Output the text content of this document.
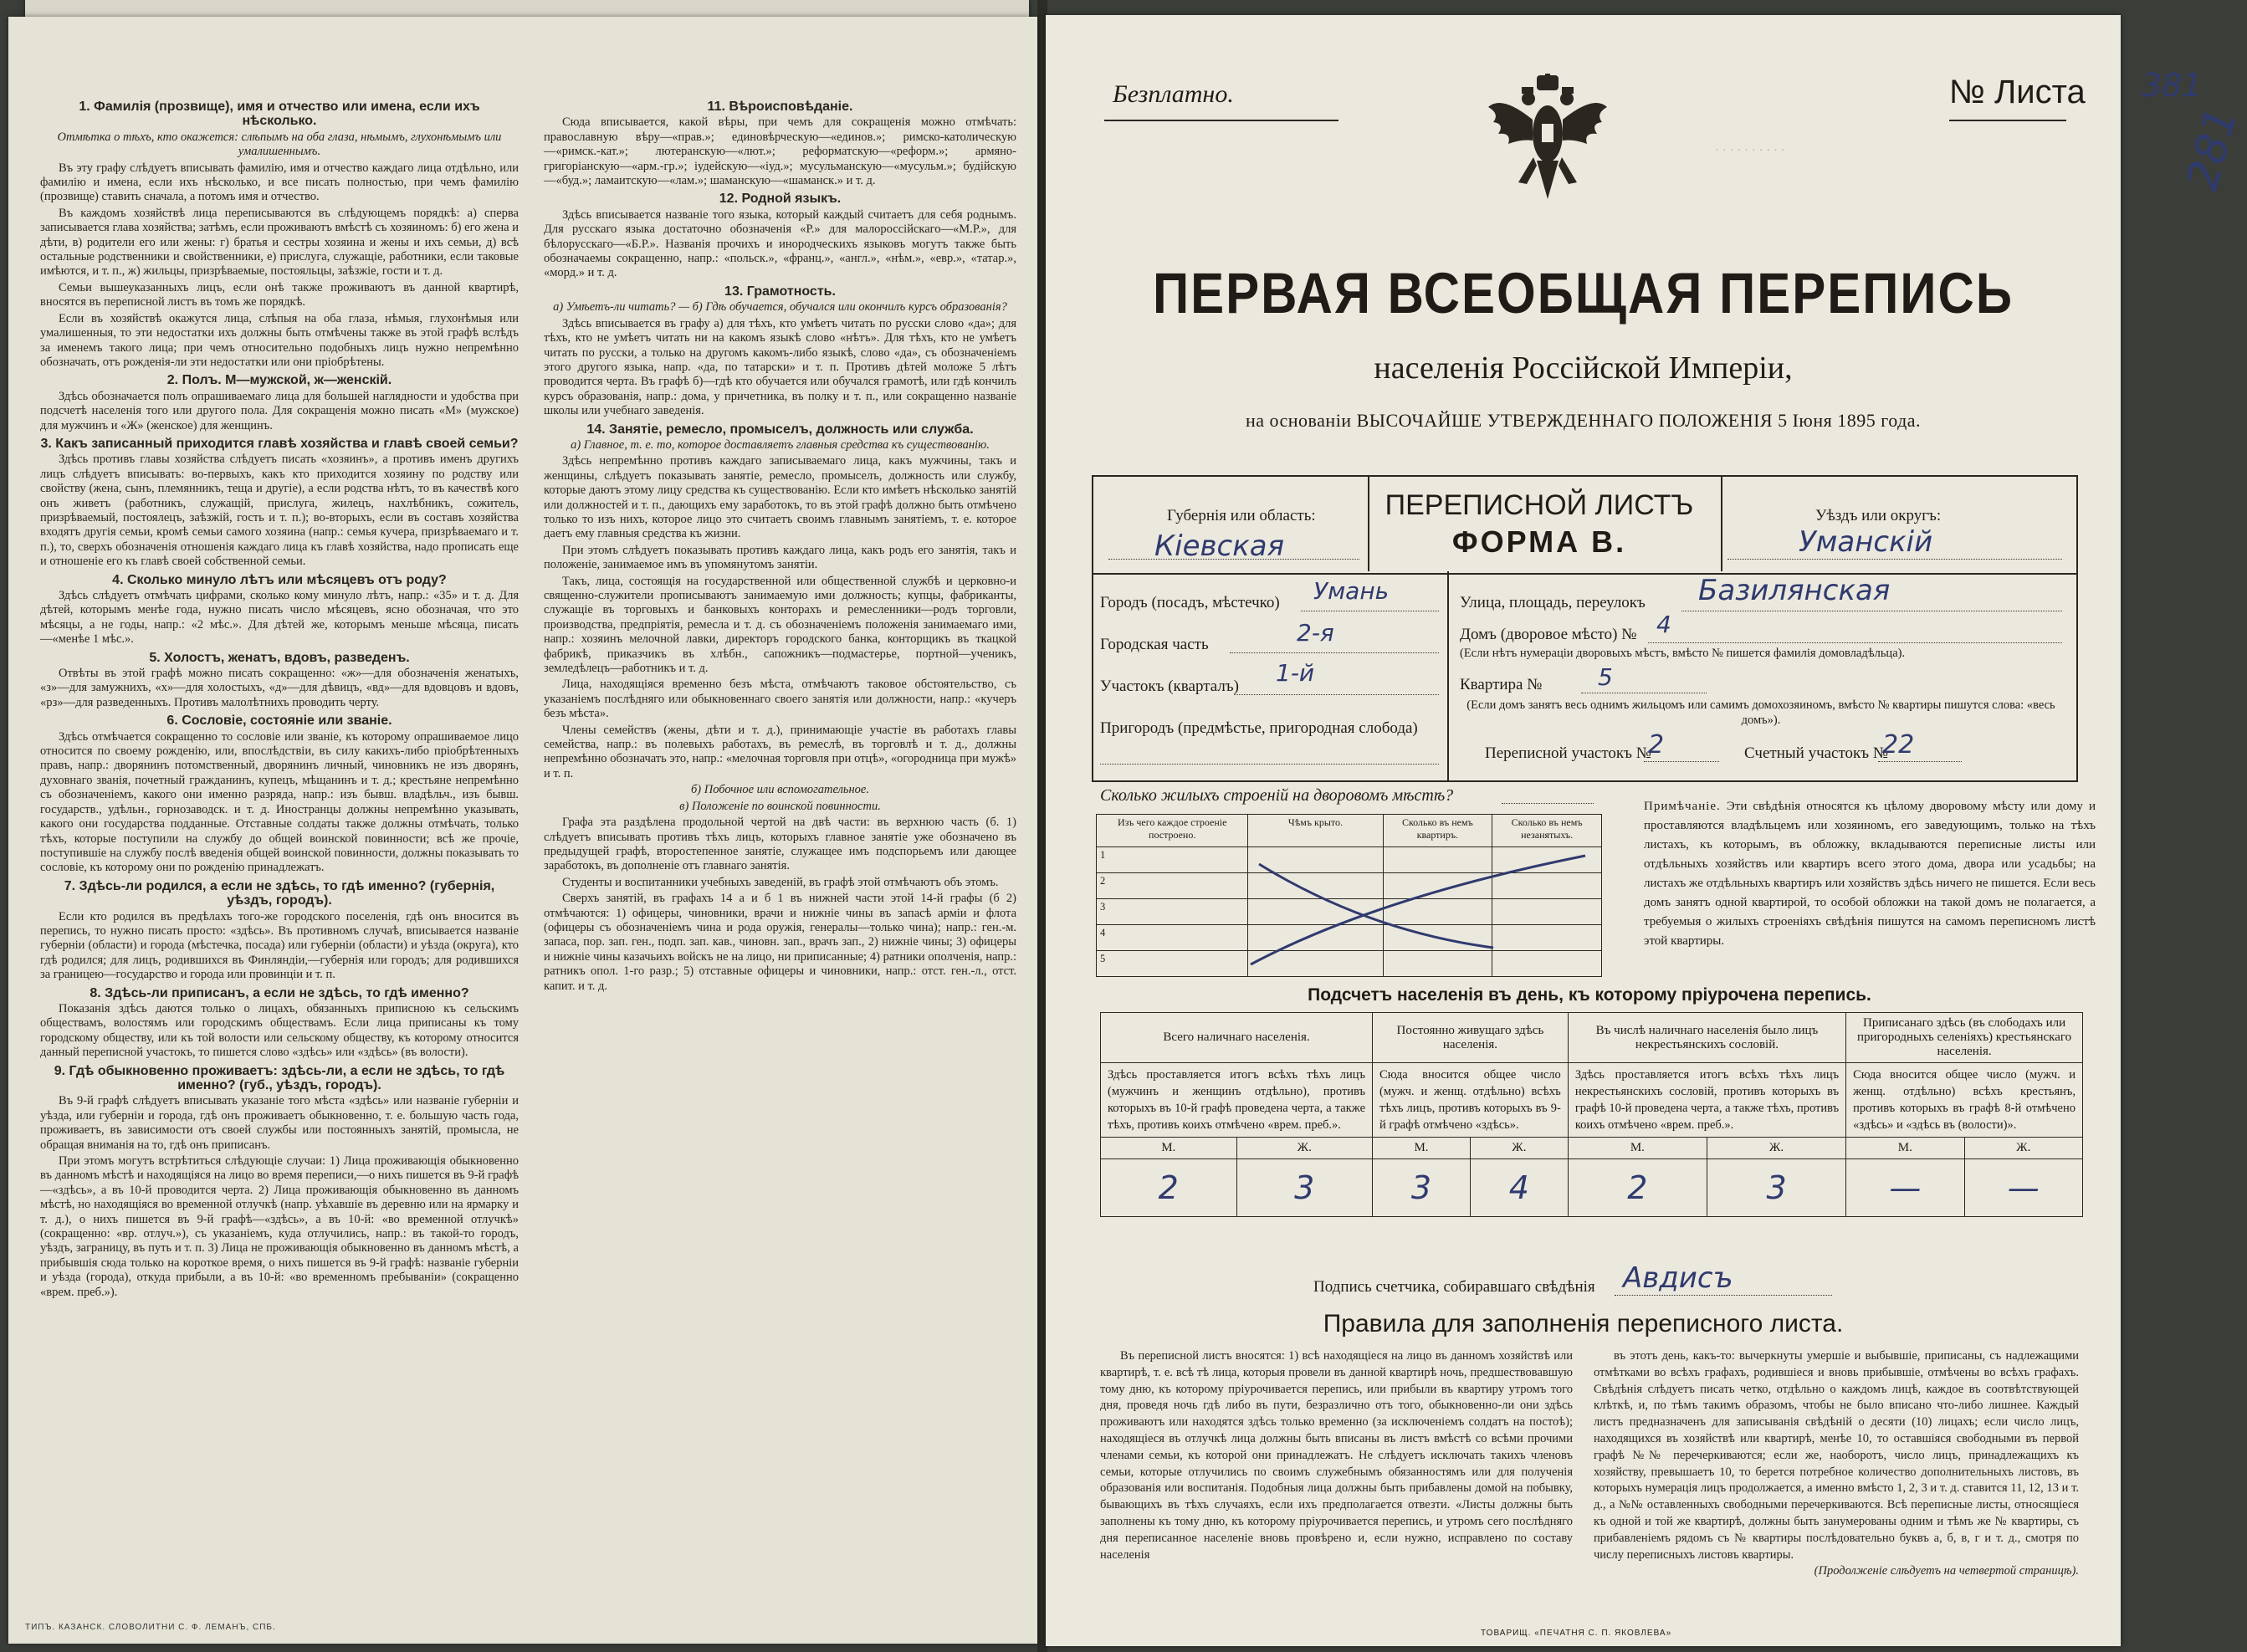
1. Фамилія (прозвище), имя и отчество или имена, если ихъ нѣсколько.
Отмѣтка о тѣхъ, кто окажется: слѣпымъ на оба глаза, нѣмымъ, глухонѣмымъ или умалишеннымъ.

Въ эту графу слѣдуетъ вписывать фамилію, имя и отчество каждаго лица отдѣльно, или фамилію и имена, если ихъ нѣсколько, и все писать полностью, при чемъ фамилію (прозвище) ставить сначала, а потомъ имя и отчество.

Въ каждомъ хозяйствѣ лица переписываются въ слѣдующемъ порядкѣ: а) сперва записывается глава хозяйства; затѣмъ, если проживаютъ вмѣстѣ съ хозяиномъ: б) его жена и дѣти, в) родители его или жены: г) братья и сестры хозяина и жены и ихъ семьи, д) всѣ остальные родственники и свойственники, е) прислуга, служащіе, работники, если таковые имѣются, и т. п., ж) жильцы, призрѣваемые, постояльцы, заѣзжіе, гости и т. д.

Семьи вышеуказанныхъ лицъ, если онѣ также проживаютъ въ данной квартирѣ, вносятся въ переписной листъ въ томъ же порядкѣ.

Если въ хозяйствѣ окажутся лица, слѣпыя на оба глаза, нѣмыя, глухонѣмыя или умалишенныя, то эти недостатки ихъ должны быть отмѣчены также въ этой графѣ вслѣдъ за именемъ такого лица; при чемъ относительно подобныхъ лицъ нужно непремѣнно обозначать, отъ рожденія-ли эти недостатки или они пріобрѣтены.

2. Полъ. М—мужской, ж—женскій.

Здѣсь обозначается полъ опрашиваемаго лица для большей наглядности и удобства при подсчетѣ населенія того или другого пола. Для сокращенія можно писать «М» (мужское) для мужчинъ и «Ж» (женское) для женщинъ.

3. Какъ записанный приходится главѣ хозяйства и главѣ своей семьи?

Здѣсь противъ главы хозяйства слѣдуетъ писать «хозяинъ», а противъ именъ другихъ лицъ слѣдуетъ вписывать: во-первыхъ, какъ кто приходится хозяину по родству или свойству (жена, сынъ, племянникъ, теща и другіе), а если родства нѣтъ, то въ качествѣ кого онъ живетъ (работникъ, служащій, прислуга, жилецъ, нахлѣбникъ, сожитель, призрѣваемый, постоялецъ, заѣзжій, гость и т. п.); во-вторыхъ, если въ составъ хозяйства входятъ другія семьи, кромѣ семьи самого хозяина (напр.: семья кучера, призрѣваемаго и т. п.), то, сверхъ обозначенія отношенія каждаго лица къ главѣ хозяйства, надо прописать еще и отношеніе его къ главѣ своей собственной семьи.

4. Сколько минуло лѣтъ или мѣсяцевъ отъ роду?

Здѣсь слѣдуетъ отмѣчать цифрами, сколько кому минуло лѣтъ, напр.: «35» и т. д. Для дѣтей, которымъ менѣе года, нужно писать число мѣсяцевъ, ясно обозначая, что это мѣсяцы, а не годы, напр.: «2 мѣс.». Для дѣтей же, которымъ меньше мѣсяца, писать—«менѣе 1 мѣс.».

5. Холостъ, женатъ, вдовъ, разведенъ.

Отвѣты въ этой графѣ можно писать сокращенно: «ж»—для обозначенія женатыхъ, «з»—для замужнихъ, «х»—для холостыхъ, «д»—для дѣвицъ, «вд»—для вдовцовъ и вдовъ, «рз»—для разведенныхъ. Противъ малолѣтнихъ проводить черту.

6. Сословіе, состояніе или званіе.

Здѣсь отмѣчается сокращенно то сословіе или званіе, къ которому опрашиваемое лицо относится по своему рожденію, или, впослѣдствіи, въ силу какихъ-либо пріобрѣтенныхъ правъ, напр.: дворянинъ потомственный, дворянинъ личный, чиновникъ не изъ дворянъ, духовнаго званія, почетный гражданинъ, купецъ, мѣщанинъ и т. д.; крестьяне непремѣнно съ обозначеніемъ, какого они именно разряда, напр.: изъ бывш. владѣльч., изъ бывш. государств., удѣльн., горнозаводск. и т. д. Иностранцы должны непремѣнно указывать, какого они государства подданные. Отставные солдаты также должны отмѣчать, только тѣхъ, которые поступили на службу до общей воинской повинности; всѣ же прочіе, поступившіе на службу послѣ введенія общей воинской повинности, должны показывать то сословіе, къ которому они по рожденію принадлежатъ.

7. Здѣсь-ли родился, а если не здѣсь, то гдѣ именно? (губернія, уѣздъ, городъ).

Если кто родился въ предѣлахъ того-же городского поселенія, гдѣ онъ вносится въ перепись, то нужно писать просто: «здѣсь». Въ противномъ случаѣ, вписывается названіе губерніи (области) и города (мѣстечка, посада) или губерніи (области) и уѣзда (округа), кто гдѣ родился; для лицъ, родившихся въ Финляндіи,—губернія или городъ; для родившихся за границею—государство и города или провинціи и т. п.

8. Здѣсь-ли приписанъ, а если не здѣсь, то гдѣ именно?

Показанія здѣсь даются только о лицахъ, обязанныхъ приписною къ сельскимъ обществамъ, волостямъ или городскимъ обществамъ. Если лица приписаны къ тому городскому обществу, или къ той волости или сельскому обществу, къ которому относится данный переписной участокъ, то пишется слово «здѣсь» или «здѣсь» (въ волости).

9. Гдѣ обыкновенно проживаетъ: здѣсь-ли, а если не здѣсь, то гдѣ именно? (губ., уѣздъ, городъ).

Въ 9-й графѣ слѣдуетъ вписывать указаніе того мѣста «здѣсь» или названіе губерніи и уѣзда, или губерніи и города, гдѣ онъ проживаетъ обыкновенно, т. е. большую часть года, проживаетъ, въ зависимости отъ своей службы или постоянныхъ занятій, промысла, не обращая вниманія на то, гдѣ онъ приписанъ.

При этомъ могутъ встрѣтиться слѣдующіе случаи: 1) Лица проживающія обыкновенно въ данномъ мѣстѣ и находящіяся на лицо во время переписи,—о нихъ пишется въ 9-й графѣ—«здѣсь», а въ 10-й проводится черта. 2) Лица проживающія обыкновенно въ данномъ мѣстѣ, но находящіяся во временной отлучкѣ (напр. уѣхавшіе въ деревню или на ярмарку и т. д.), о нихъ пишется въ 9-й графѣ—«здѣсь», а въ 10-й: «во временной отлучкѣ» (сокращенно: «вр. отлуч.»), съ указаніемъ, куда отлучились, напр.: въ такой-то городъ, уѣздъ, заграницу, въ путь и т. п. 3) Лица не проживающія обыкновенно въ данномъ мѣстѣ, а прибывшія сюда только на короткое время, о нихъ пишется въ 9-й графѣ: названіе губерніи и уѣзда (города), откуда прибыли, а въ 10-й: «во временномъ пребываніи» (сокращенно «врем. преб.»).

11. Вѣроисповѣданіе.

Сюда вписывается, какой вѣры, при чемъ для сокращенія можно отмѣчать: православную вѣру—«прав.»; единовѣрческую—«единов.»; римско-католическую—«римск.-кат.»; лютеранскую—«лют.»; реформатскую—«реформ.»; армяно-григоріанскую—«арм.-гр.»; іудейскую—«іуд.»; мусульманскую—«мусульм.»; будійскую—«буд.»; ламаитскую—«лам.»; шаманскую—«шаманск.» и т. д.

12. Родной языкъ.

Здѣсь вписывается названіе того языка, который каждый считаетъ для себя роднымъ. Для русскаго языка достаточно обозначенія «Р.» для малороссійскаго—«М.Р.», для бѣлорусскаго—«Б.Р.». Названія прочихъ и инородческихъ языковъ могутъ также быть обозначаемы сокращенно, напр.: «польск.», «франц.», «англ.», «нѣм.», «евр.», «татар.», «морд.» и т. д.

13. Грамотность.
а) Умѣетъ-ли читать? — б) Гдѣ обучается, обучался или окончилъ курсъ образованія?

Здѣсь вписывается въ графу а) для тѣхъ, кто умѣетъ читать по русски слово «да»; для тѣхъ, кто не умѣетъ читать ни на какомъ языкѣ слово «нѣтъ». Для тѣхъ, кто не умѣетъ читать по русски, а только на другомъ какомъ-либо языкѣ, слово «да», съ обозначеніемъ этого другого языка, напр. «да, по татарски» и т. п. Противъ дѣтей моложе 5 лѣтъ проводится черта. Въ графѣ б)—гдѣ кто обучается или обучался грамотѣ, или гдѣ кончилъ курсъ образованія, напр.: дома, у причетника, въ полку и т. п., или сокращенно названіе школы или учебнаго заведенія.

14. Занятіе, ремесло, промыселъ, должность или служба.
а) Главное, т. е. то, которое доставляетъ главныя средства къ существованію.

Здѣсь непремѣнно противъ каждаго записываемаго лица, какъ мужчины, такъ и женщины, слѣдуетъ показывать занятіе, ремесло, промыселъ, должность или службу, которые даютъ этому лицу средства къ существованію. Если кто имѣетъ нѣсколько занятій или должностей и т. п., дающихъ ему заработокъ, то въ этой графѣ должно быть отмѣчено только то изъ нихъ, которое лицо это считаетъ своимъ главнымъ занятіемъ, т. е. которое даетъ ему главныя средства къ жизни.

При этомъ слѣдуетъ показывать противъ каждаго лица, какъ родъ его занятія, такъ и положеніе, занимаемое имъ въ упомянутомъ занятіи.

Такъ, лица, состоящія на государственной или общественной службѣ и церковно-и священно-служители прописываютъ занимаемую ими должность; купцы, фабриканты, служащіе въ торговыхъ и банковыхъ конторахъ и ремесленники—родъ торговли, производства, предпріятія, ремесла и т. д. съ обозначеніемъ положенія занимаемаго ими, напр.: хозяинъ мелочной лавки, директоръ городского банка, конторщикъ въ ткацкой фабрикѣ, приказчикъ въ хлѣбн., сапожникъ—подмастерье, портной—ученикъ, земледѣлецъ—работникъ и т. д.

Лица, находящіяся временно безъ мѣста, отмѣчаютъ таковое обстоятельство, съ указаніемъ послѣдняго или обыкновеннаго своего занятія или должности, напр.: «кучеръ безъ мѣста».

Члены семействъ (жены, дѣти и т. д.), принимающіе участіе въ работахъ главы семейства, напр.: въ полевыхъ работахъ, въ ремеслѣ, въ торговлѣ и т. д., должны непремѣнно обозначать это, напр.: «мелочная торговля при отцѣ», «огородница при мужѣ» и т. п.

б) Побочное или вспомогательное.
в) Положеніе по воинской повинности.

Графа эта раздѣлена продольной чертой на двѣ части: въ верхнюю часть (б. 1) слѣдуетъ вписывать противъ тѣхъ лицъ, которыхъ главное занятіе уже обозначено въ предыдущей графѣ, второстепенное занятіе, служащее имъ подспорьемъ или дающее заработокъ, въ дополненіе отъ главнаго занятія.

Студенты и воспитанники учебныхъ заведеній, въ графѣ этой отмѣчаютъ объ этомъ.

Сверхъ занятій, въ графахъ 14 а и б 1 въ нижней части этой 14-й графы (б 2) отмѣчаются: 1) офицеры, чиновники, врачи и нижніе чины въ запасѣ арміи и флота (офицеры съ обозначеніемъ чина и рода оружія, генералы—только чина); напр.: ген.-м. запаса, пор. зап. ген., подп. зап. кав., чиновн. зап., врачъ зап., 2) нижніе чины; 3) офицеры и нижніе чины казачьихъ войскъ не на лицо, ни приписанные; 4) ратники ополченія, напр.: ратникъ опол. 1-го разр.; 5) отставные офицеры и чиновники, напр.: отст. ген.-л., отст. капит. и т. д.

ТИПЪ. КАЗАНСК. СЛОВОЛИТНИ С. Ф. ЛЕМАНЪ, СПБ.
· · · · · · · · · ·
Безплатно.	№ Листа 381
281
ПЕРВАЯ ВСЕОБЩАЯ ПЕРЕПИСЬ
населенія Россійской Имперіи,
на основаніи ВЫСОЧАЙШЕ УТВЕРЖДЕННАГО ПОЛОЖЕНІЯ 5 Іюня 1895 года.
ПЕРЕПИСНОЙ ЛИСТЪ
ФОРМА В.
Губернія или область:
Кіевская
Уѣздъ или округъ:
Уманскій
Городъ (посадъ, мѣстечко) Умань
Городская часть	2-я
Участокъ (кварталъ) 1-й
Пригородъ (предмѣстье, пригородная слобода)
Улица, площадь, переулокъ Базилянская
Домъ (дворовое мѣсто) № 4
(Если нѣтъ нумераціи дворовыхъ мѣстъ, вмѣсто № пишется фамилія домовладѣльца).
Квартира № 5
(Если домъ занятъ весь однимъ жильцомъ или самимъ домохозяиномъ, вмѣсто № квартиры пишутся слова: «весь домъ»).
Переписной участокъ №
2	Счетный участокъ №
22
Сколько жилыхъ строеній на дворовомъ мѣстѣ?
Изъ чего каждое строеніе построено.	Чѣмъ крыто.	Сколько въ немъ квартиръ.	Сколько въ немъ незанятыхъ.
1			
2			
3			
4			
5			
Примѣчаніе. Эти свѣдѣнія относятся къ цѣлому дворовому мѣсту или дому и проставляются владѣльцемъ или хозяиномъ, его заведующимъ, только на тѣхъ листахъ, къ которымъ, въ обложку, вкладываются переписные листы или отдѣльныхъ хозяйствъ или квартиръ всего этого дома, двора или усадьбы; на листахъ же отдѣльныхъ квартиръ или хозяйствъ здѣсь ничего не пишется. Если весь домъ занятъ одной квартирой, то особой обложки на такой домъ не полагается, а требуемыя о жилыхъ строеніяхъ свѣдѣнія пишутся на самомъ переписномъ листѣ этой квартиры.
Подсчетъ населенія въ день, къ которому пріурочена перепись.
Всего наличнаго населенія.		Постоянно живущаго здѣсь населенія.		Въ числѣ наличнаго населенія было лицъ некрестьянскихъ сословій.		Приписанаго здѣсь (въ слободахъ или пригородныхъ селеніяхъ) крестьянскаго населенія.	
Здѣсь проставляется итогъ всѣхъ тѣхъ лицъ (мужчинъ и женщинъ отдѣльно), противъ которыхъ въ 10-й графѣ проведена черта, а также тѣхъ, противъ коихъ отмѣчено «врем. преб.».		Сюда вносится общее число (мужч. и женщ. отдѣльно) всѣхъ тѣхъ лицъ, противъ которыхъ въ 9-й графѣ отмѣчено «здѣсь».		Здѣсь проставляется итогъ всѣхъ тѣхъ лицъ некрестьянскихъ сословій, противъ которыхъ въ графѣ 10-й проведена черта, а также тѣхъ, противъ коихъ отмѣчено «врем. преб.».		Сюда вносится общее число (мужч. и женщ. отдѣльно) всѣхъ крестьянъ, противъ которыхъ въ графѣ 8-й отмѣчено «здѣсь» и «здѣсь въ (волости)».	
М.	Ж.	М.	Ж.	М.	Ж.	М.	Ж.
2	3	3	4	2	3	—	—
Подпись счетчика, собиравшаго свѣдѣнія Авдисъ
Правила для заполненія переписного листа.

Въ переписной листъ вносятся: 1) всѣ находящіеся на лицо въ данномъ хозяйствѣ или квартирѣ, т. е. всѣ тѣ лица, которыя провели въ данной квартирѣ ночь, предшествовавшую тому дню, къ которому пріурочивается перепись, или прибыли въ квартиру утромъ того дня, проведя ночь гдѣ либо въ пути, безразлично отъ того, обыкновенно-ли они здѣсь проживаютъ или находятся здѣсь только временно (за исключеніемъ солдатъ на постоѣ); находящіеся въ отлучкѣ лица должны быть вписаны въ листъ вмѣстѣ со всѣми прочими членами семьи, къ которой они принадлежатъ. Не слѣдуетъ исключать такихъ членовъ семьи, которые отлучились по своимъ служебнымъ обязанностямъ или для полученія образованія или воспитанія. Подобныя лица должны быть прибавлены домой на побывку, бывающихъ въ тѣхъ случаяхъ, если ихъ предполагается отвезти. «Листы должны быть заполнены къ тому дню, къ которому пріурочивается перепись, и утромъ сего послѣдняго дня переписанное населеніе вновь провѣрено и, если нужно, исправлено по составу населенія

въ этотъ день, какъ-то: вычеркнуты умершіе и выбывшіе, приписаны, съ надлежащими отмѣтками во всѣхъ графахъ, родившіеся и вновь прибывшіе, отмѣчены во всѣхъ графахъ. Свѣдѣнія слѣдуетъ писать четко, отдѣльно о каждомъ лицѣ, каждое въ соотвѣтствующей клѣткѣ, и, по тѣмъ такимъ образомъ, чтобы не было вписано что-либо лишнее. Каждый листъ предназначенъ для записыванія свѣдѣній о десяти (10) лицахъ; если число лицъ, находящихся въ хозяйствѣ или квартирѣ, менѣе 10, то оставшіяся свободными въ первой графѣ №№ перечеркиваются; если же, наоборотъ, число лицъ, принадлежащихъ къ хозяйству, превышаетъ 10, то берется потребное количество дополнительныхъ листовъ, въ которыхъ нумерація лицъ продолжается, а именно вмѣсто 1, 2, 3 и т. д. ставится 11, 12, 13 и т. д., а №№ оставленныхъ свободными перечеркиваются. Всѣ переписные листы, относящіеся къ одной и той же квартирѣ, должны быть занумерованы одним и тѣмъ же № квартиры, съ прибавленіемъ рядомъ съ № квартиры послѣдовательно буквъ а, б, в, г и т. д., смотря по числу переписныхъ листовъ квартиры.

(Продолженіе слѣдуетъ на четвертой страницѣ).

ТОВАРИЩ. «ПЕЧАТНЯ С. П. ЯКОВЛЕВА»
